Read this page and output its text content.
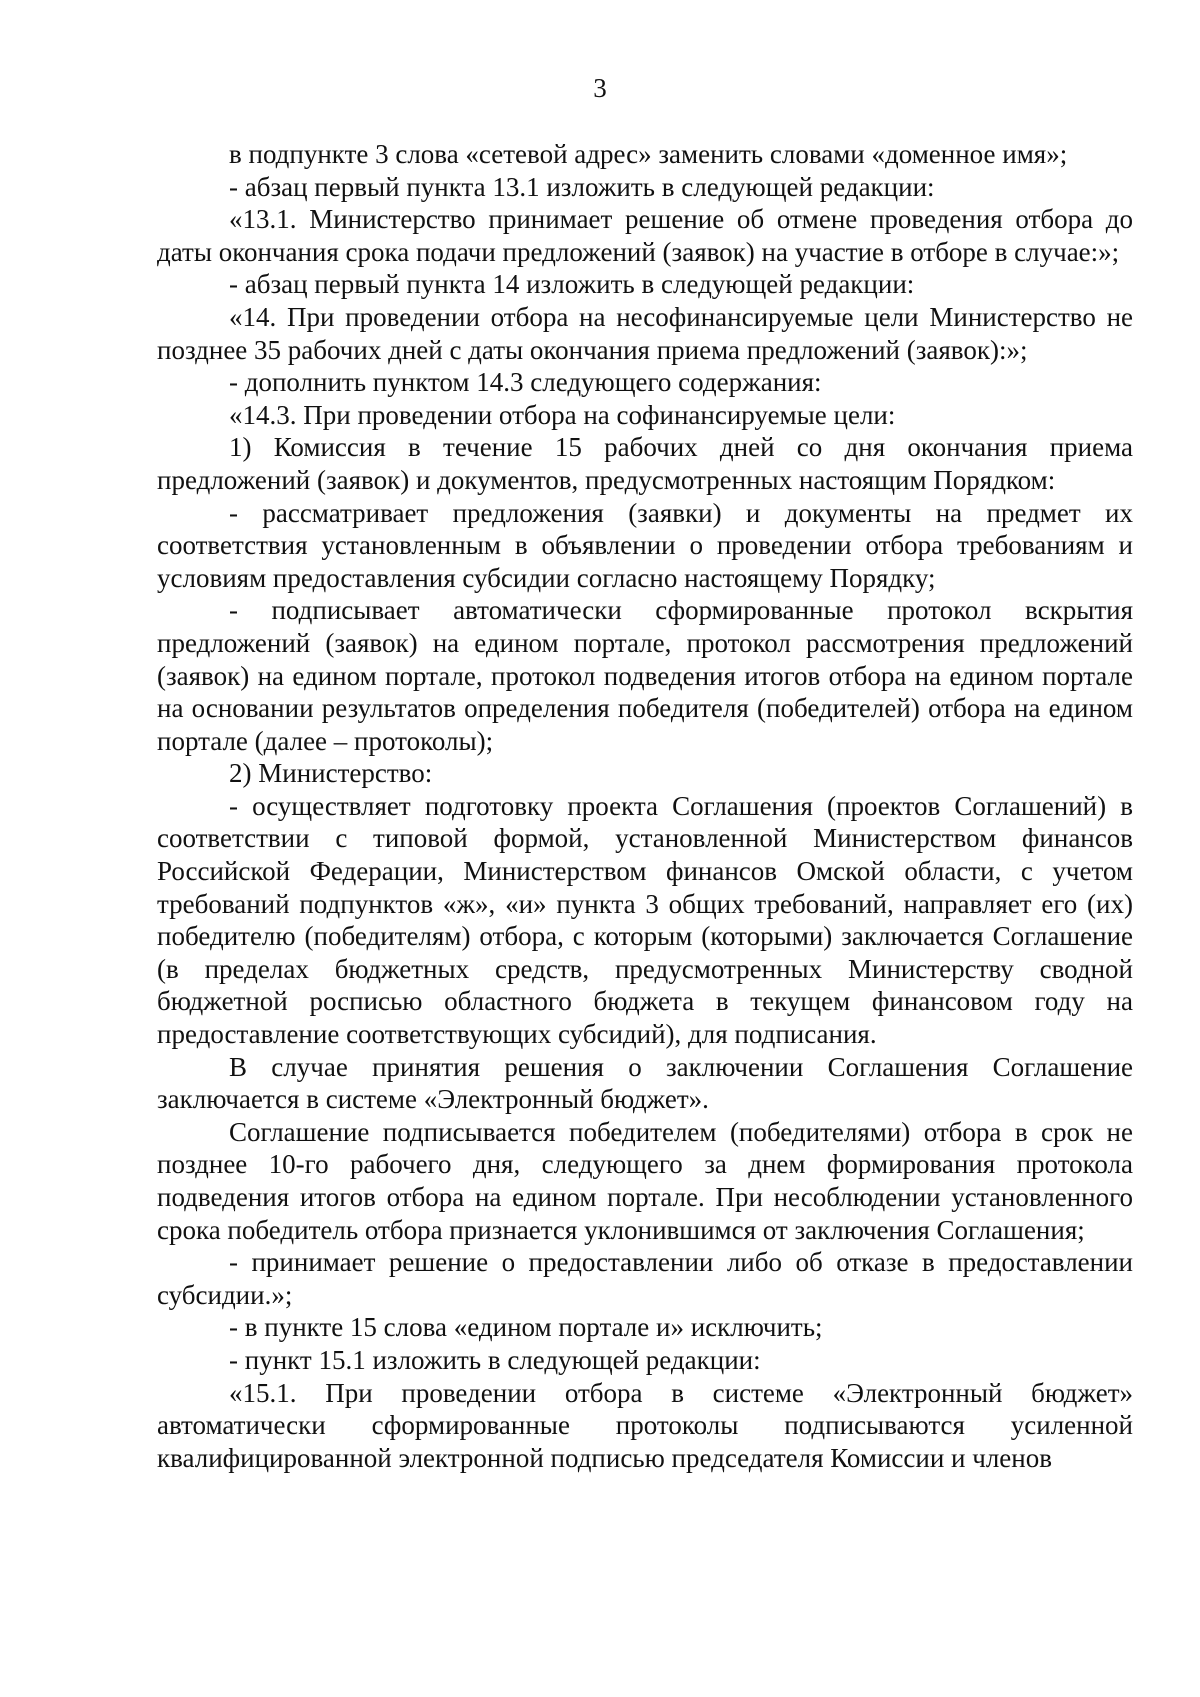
3

в подпункте 3 слова «сетевой адрес» заменить словами «доменное имя»;

- абзац первый пункта 13.1 изложить в следующей редакции:

«13.1. Министерство принимает решение об отмене проведения отбора до даты окончания срока подачи предложений (заявок) на участие в отборе в случае:»;

- абзац первый пункта 14 изложить в следующей редакции:

«14. При проведении отбора на несофинансируемые цели Министерство не позднее 35 рабочих дней с даты окончания приема предложений (заявок):»;

- дополнить пунктом 14.3 следующего содержания:

«14.3. При проведении отбора на софинансируемые цели:

1) Комиссия в течение 15 рабочих дней со дня окончания приема предложений (заявок) и документов, предусмотренных настоящим Порядком:

- рассматривает предложения (заявки) и документы на предмет их соответствия установленным в объявлении о проведении отбора требованиям и условиям предоставления субсидии согласно настоящему Порядку;

- подписывает автоматически сформированные протокол вскрытия предложений (заявок) на едином портале, протокол рассмотрения предложений (заявок) на едином портале, протокол подведения итогов отбора на едином портале на основании результатов определения победителя (победителей) отбора на едином портале (далее – протоколы);

2) Министерство:

- осуществляет подготовку проекта Соглашения (проектов Соглашений) в соответствии с типовой формой, установленной Министерством финансов Российской Федерации, Министерством финансов Омской области, с учетом требований подпунктов «ж», «и» пункта 3 общих требований, направляет его (их) победителю (победителям) отбора, с которым (которыми) заключается Соглашение (в пределах бюджетных средств, предусмотренных Министерству сводной бюджетной росписью областного бюджета в текущем финансовом году на предоставление соответствующих субсидий), для подписания.

В случае принятия решения о заключении Соглашения Соглашение заключается в системе «Электронный бюджет».

Соглашение подписывается победителем (победителями) отбора в срок не позднее 10-го рабочего дня, следующего за днем формирования протокола подведения итогов отбора на едином портале. При несоблюдении установленного срока победитель отбора признается уклонившимся от заключения Соглашения;

- принимает решение о предоставлении либо об отказе в предоставлении субсидии.»;

- в пункте 15 слова «едином портале и» исключить;

- пункт 15.1 изложить в следующей редакции:

«15.1. При проведении отбора в системе «Электронный бюджет» автоматически сформированные протоколы подписываются усиленной квалифицированной электронной подписью председателя Комиссии и членов
